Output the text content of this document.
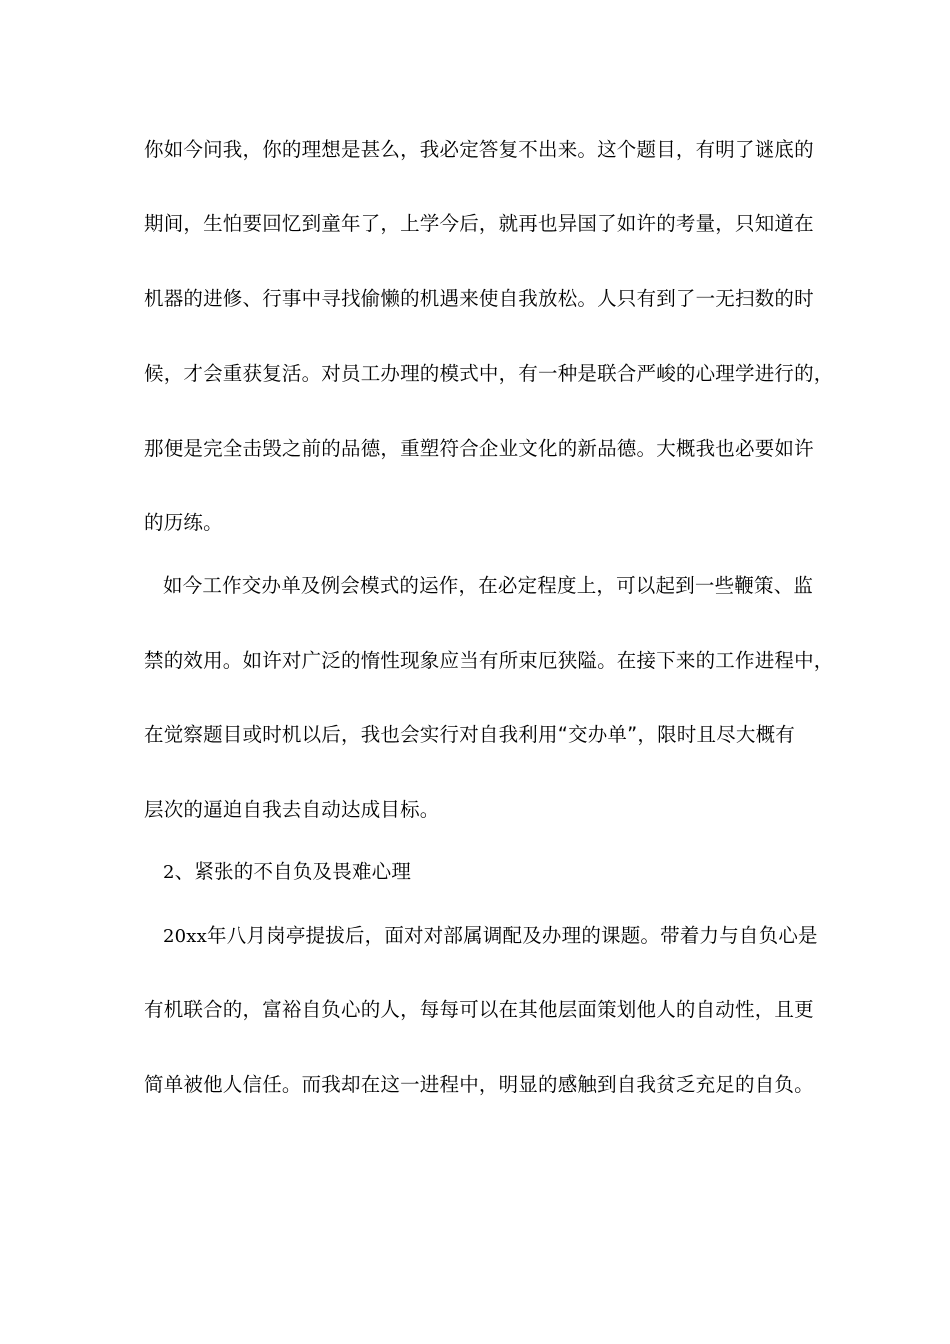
你如今问我，你的理想是甚么，我必定答复不出来。这个题目，有明了谜底的
期间，生怕要回忆到童年了，上学今后，就再也异国了如许的考量，只知道在
机器的进修、行事中寻找偷懒的机遇来使自我放松。人只有到了一无扫数的时
候，才会重获复活。对员工办理的模式中，有一种是联合严峻的心理学进行的，
那便是完全击毁之前的品德，重塑符合企业文化的新品德。大概我也必要如许
的历练。
如今工作交办单及例会模式的运作，在必定程度上，可以起到一些鞭策、监
禁的效用。如许对广泛的惰性现象应当有所束厄狭隘。在接下来的工作进程中，
在觉察题目或时机以后，我也会实行对自我利用“交办单”，限时且尽大概有
层次的逼迫自我去自动达成目标。
2、紧张的不自负及畏难心理
20xx年八月岗亭提拔后，面对对部属调配及办理的课题。带着力与自负心是
有机联合的，富裕自负心的人，每每可以在其他层面策划他人的自动性，且更
简单被他人信任。而我却在这一进程中，明显的感触到自我贫乏充足的自负。
